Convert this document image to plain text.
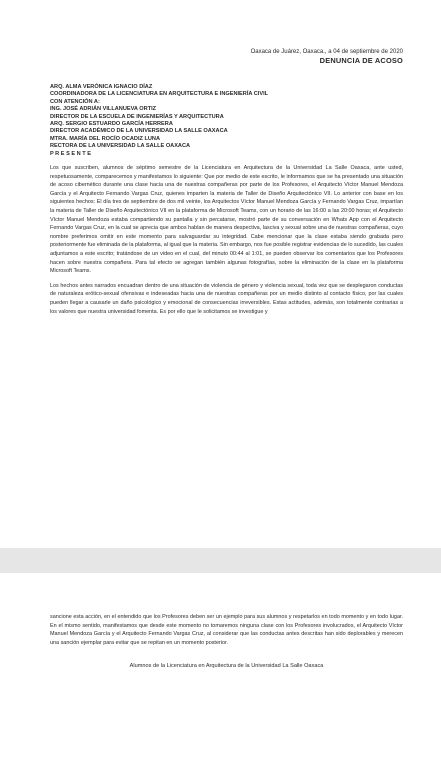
Oaxaca de Juárez, Oaxaca., a 04 de septiembre de 2020
DENUNCIA DE ACOSO
ARQ. ALMA VERÓNICA IGNACIO DÍAZ
COORDINADORA DE LA LICENCIATURA EN ARQUITECTURA E INGENIERÍA CIVIL
CON ATENCIÓN A:
ING. JOSÉ ADRIÁN VILLANUEVA ORTIZ
DIRECTOR DE LA ESCUELA DE INGENIERÍAS Y ARQUITECTURA
ARQ. SERGIO ESTUARDO GARCÍA HERRERA
DIRECTOR ACADÉMICO DE LA UNIVERSIDAD LA SALLE OAXACA
MTRA. MARÍA DEL ROCÍO OCADIZ LUNA
RECTORA DE LA UNIVERSIDAD LA SALLE OAXACA
P R E S E N T E

Los que suscriben, alumnos de séptimo semestre de la Licenciatura en Arquitectura de la Universidad La Salle Oaxaca, ante usted, respetuosamente, comparecemos y manifestamos lo siguiente: Que por medio de este escrito, le informamos que se ha presentado una situación de acoso cibernético durante una clase hacia una de nuestras compañeras por parte de los Profesores, el Arquitecto Víctor Manuel Mendoza García y el Arquitecto Fernando Vargas Cruz, quienes imparten la materia de Taller de Diseño Arquitectónico VII. Lo anterior con base en los siguientes hechos: El día tres de septiembre de dos mil veinte, los Arquitectos Víctor Manuel Mendoza García y Fernando Vargas Cruz, impartían la materia de Taller de Diseño Arquitectónico VII en la plataforma de Microsoft Teams, con un horario de las 16:00 a las 20:00 horas; el Arquitecto Víctor Manuel Mendoza estaba compartiendo su pantalla y sin percatarse, mostró parte de su conversación en Whats App con el Arquitecto Fernando Vargas Cruz, en la cual se aprecia que ambos hablan de manera despectiva, lasciva y sexual sobre una de nuestras compañeras, cuyo nombre preferimos omitir en este momento para salvaguardar su integridad. Cabe mencionar que la clase estaba siendo grabada pero posteriormente fue eliminada de la plataforma, al igual que la materia. Sin embargo, nos fue posible registrar evidencias de lo sucedido, las cuales adjuntamos a este escrito; tratándose de un video en el cual, del minuto 00:44 al 1:01, se pueden observar los comentarios que los Profesores hacen sobre nuestra compañera. Para tal efecto se agregan también algunas fotografías, sobre la eliminación de la clase en la plataforma Microsoft Teams.

Los hechos antes narrados encuadran dentro de una situación de violencia de género y violencia sexual, toda vez que se desplegaron conductas de naturaleza erótico-sexual ofensivas e indeseadas hacia una de nuestras compañeras por un medio distinto al contacto físico, por las cuales pueden llegar a causarle un daño psicológico y emocional de consecuencias irreversibles. Estas actitudes, además, son totalmente contrarias a los valores que nuestra universidad fomenta. Es por ello que le solicitamos se investigue y

sancione esta acción, en el entendido que los Profesores deben ser un ejemplo para sus alumnos y respetarlos en todo momento y en todo lugar. En el mismo sentido, manifestamos que desde este momento no tomaremos ninguna clase con los Profesores involucrados, el Arquitecto Víctor Manuel Mendoza García y el Arquitecto Fernando Vargas Cruz, al considerar que las conductas antes descritas han sido deplorables y merecen una sanción ejemplar para evitar que se repitan en un momento posterior.

Alumnos de la Licenciatura en Arquitectura de la Universidad La Salle Oaxaca
